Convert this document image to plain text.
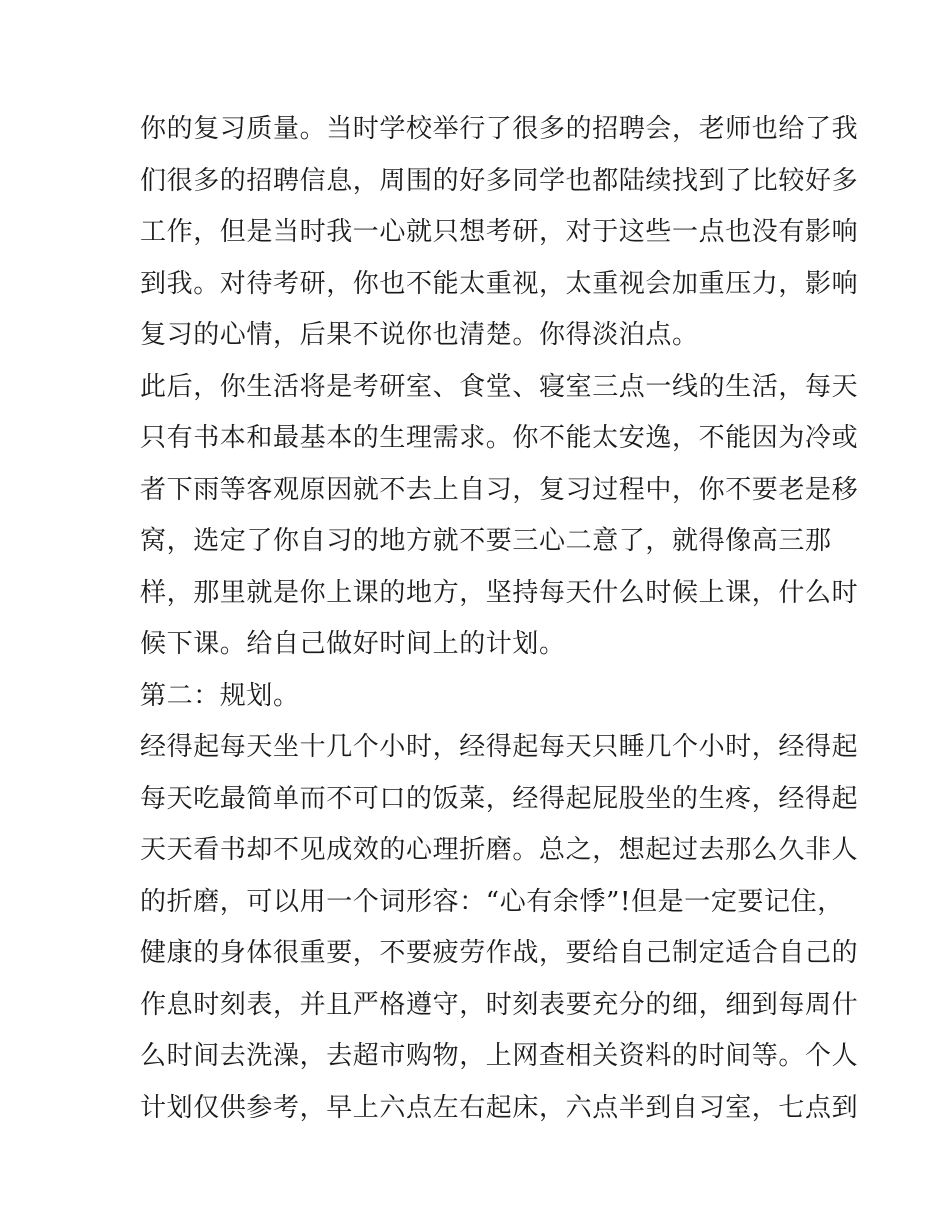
你的复习质量。当时学校举行了很多的招聘会，老师也给了我
们很多的招聘信息，周围的好多同学也都陆续找到了比较好多
工作，但是当时我一心就只想考研，对于这些一点也没有影响
到我。对待考研，你也不能太重视，太重视会加重压力，影响
复习的心情，后果不说你也清楚。你得淡泊点。
此后，你生活将是考研室、食堂、寝室三点一线的生活，每天
只有书本和最基本的生理需求。你不能太安逸，不能因为冷或
者下雨等客观原因就不去上自习，复习过程中，你不要老是移
窝，选定了你自习的地方就不要三心二意了，就得像高三那
样，那里就是你上课的地方，坚持每天什么时候上课，什么时
候下课。给自己做好时间上的计划。
第二：规划。
经得起每天坐十几个小时，经得起每天只睡几个小时，经得起
每天吃最简单而不可口的饭菜，经得起屁股坐的生疼，经得起
天天看书却不见成效的心理折磨。总之，想起过去那么久非人
的折磨，可以用一个词形容：“心有余悸”!但是一定要记住，
健康的身体很重要，不要疲劳作战，要给自己制定适合自己的
作息时刻表，并且严格遵守，时刻表要充分的细，细到每周什
么时间去洗澡，去超市购物，上网查相关资料的时间等。个人
计划仅供参考，早上六点左右起床，六点半到自习室，七点到
